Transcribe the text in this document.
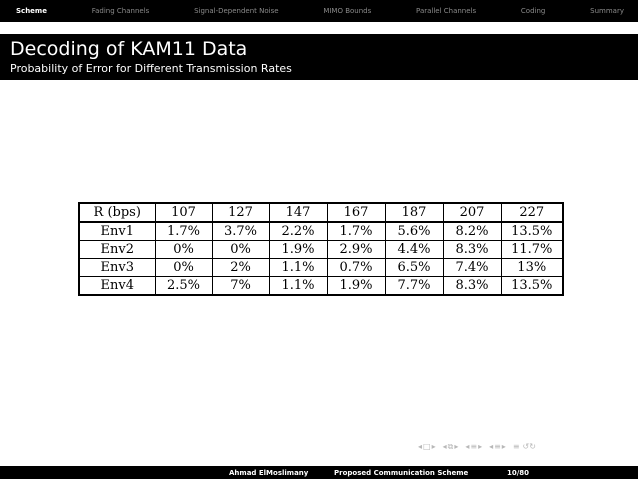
Scheme	Fading Channels	Signal-Dependent Noise	MIMO Bounds	Parallel Channels	Coding	Summary
Decoding of KAM11 Data
Probability of Error for Different Transmission Rates
R (bps)	107	127	147	167	187	207	227
Env1	1.7%	3.7%	2.2%	1.7%	5.6%	8.2%	13.5%
Env2	0%	0%	1.9%	2.9%	4.4%	8.3%	11.7%
Env3	0%	2%	1.1%	0.7%	6.5%	7.4%	13%
Env4	2.5%	7%	1.1%	1.9%	7.7%	8.3%	13.5%
◂ □ ▸ ◂ ⧉ ▸ ◂ ≡ ▸ ◂ ≡ ▸ ≡ ↺↻
Ahmad ElMoslimany	Proposed Communication Scheme	10/80
